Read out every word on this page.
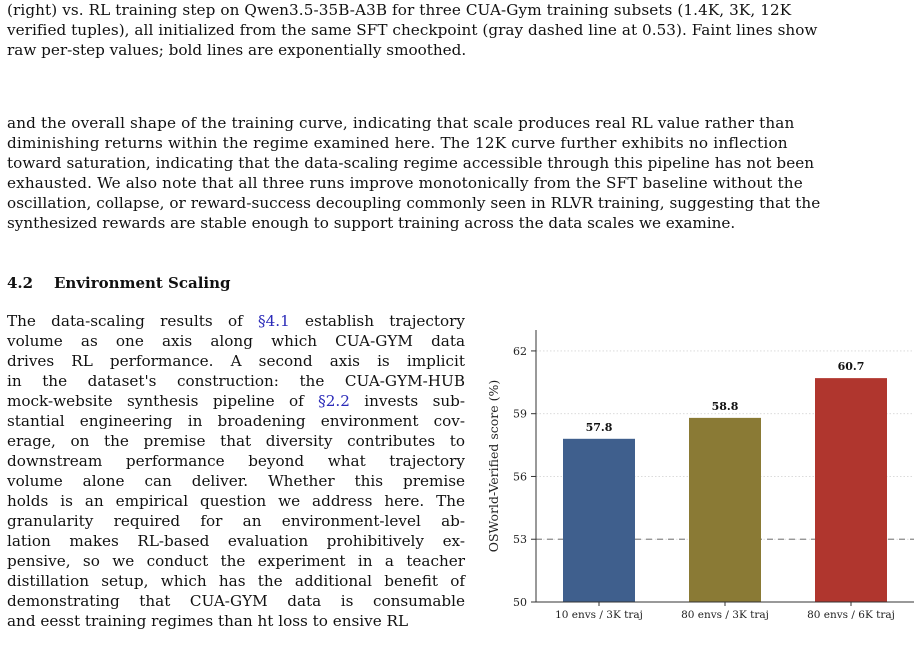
(right) vs. RL training step on Qwen3.5-35B-A3B for three CUA-Gym training subsets (1.4K, 3K, 12K
verified tuples), all initialized from the same SFT checkpoint (gray dashed line at 0.53). Faint lines show
raw per-step values; bold lines are exponentially smoothed.
and the overall shape of the training curve, indicating that scale produces real RL value rather than
diminishing returns within the regime examined here. The 12K curve further exhibits no inflection
toward saturation, indicating that the data-scaling regime accessible through this pipeline has not been
exhausted. We also note that all three runs improve monotonically from the SFT baseline without the
oscillation, collapse, or reward-success decoupling commonly seen in RLVR training, suggesting that the
synthesized rewards are stable enough to support training across the data scales we examine.
4.2 Environment Scaling
The data-scaling results of §4.1 establish trajectory
volume as one axis along which CUA-GYM data
drives RL performance. A second axis is implicit
in the dataset's construction: the CUA-GYM-HUB
mock-website synthesis pipeline of §2.2 invests sub-
stantial engineering in broadening environment cov-
erage, on the premise that diversity contributes to
downstream performance beyond what trajectory
volume alone can deliver. Whether this premise
holds is an empirical question we address here. The
granularity required for an environment-level ab-
lation makes RL-based evaluation prohibitively ex-
pensive, so we conduct the experiment in a teacher
distillation setup, which has the additional benefit of
demonstrating that CUA-GYM data is consumable
and eesst training regimes than ht loss to ensive RL
57.8
58.8
60.7
50
53
56
59
62
10 envs / 3K traj	80 envs / 3K traj	80 envs / 6K traj
OSWorld-Verified score (%)
